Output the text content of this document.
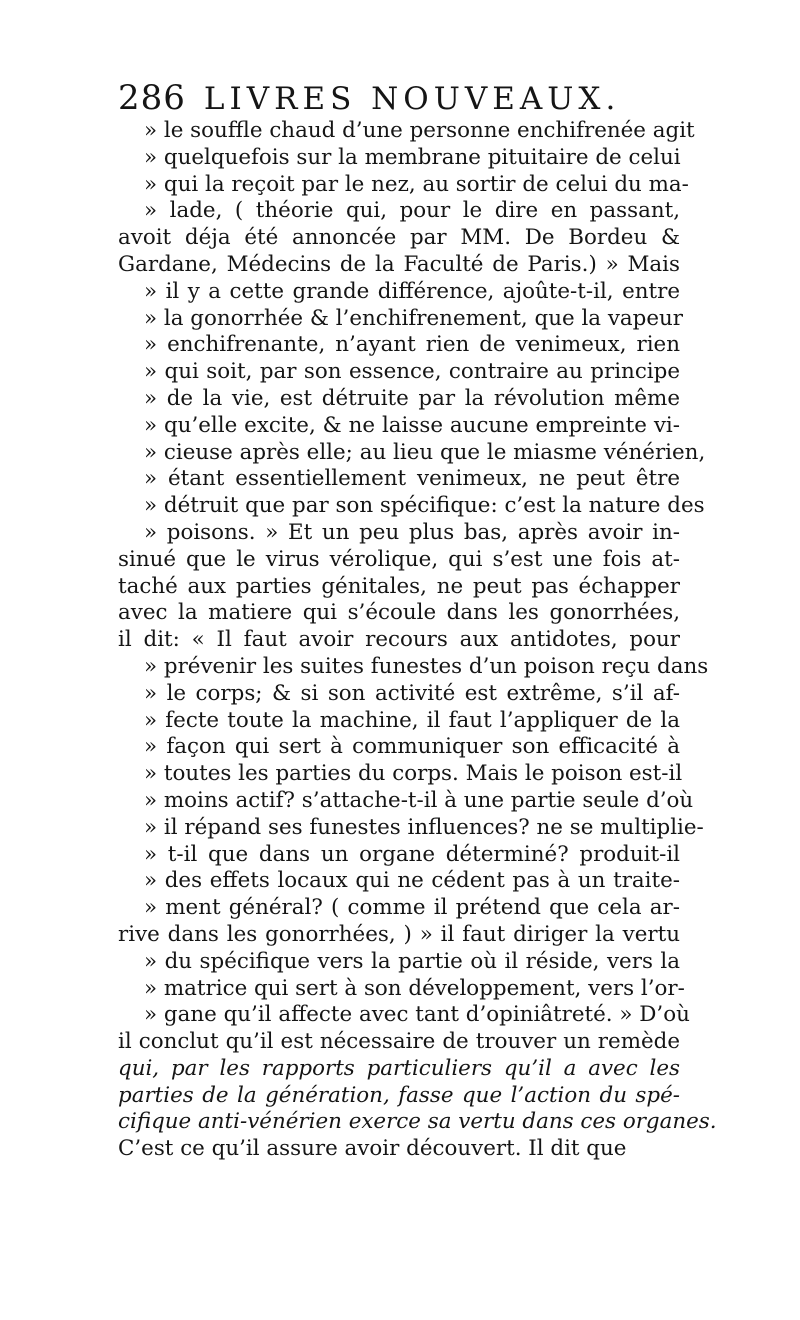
286 LIVRES NOUVEAUX.
» le souffle chaud d’une personne enchifrenée agit
» quelquefois sur la membrane pituitaire de celui
» qui la reçoit par le nez, au sortir de celui du ma-
» lade, ( théorie qui, pour le dire en passant,
avoit déja été annoncée par MM. De Bordeu &
Gardane, Médecins de la Faculté de Paris.) » Mais
» il y a cette grande différence, ajoûte-t-il, entre
» la gonorrhée & l’enchifrenement, que la vapeur
» enchifrenante, n’ayant rien de venimeux, rien
» qui soit, par son essence, contraire au principe
» de la vie, est détruite par la révolution même
» qu’elle excite, & ne laisse aucune empreinte vi-
» cieuse après elle; au lieu que le miasme vénérien,
» étant essentiellement venimeux, ne peut être
» détruit que par son spécifique: c’est la nature des
» poisons. » Et un peu plus bas, après avoir in-
sinué que le virus vérolique, qui s’est une fois at-
taché aux parties génitales, ne peut pas échapper
avec la matiere qui s’écoule dans les gonorrhées,
il dit: « Il faut avoir recours aux antidotes, pour
» prévenir les suites funestes d’un poison reçu dans
» le corps; & si son activité est extrême, s’il af-
» fecte toute la machine, il faut l’appliquer de la
» façon qui sert à communiquer son efficacité à
» toutes les parties du corps. Mais le poison est-il
» moins actif? s’attache-t-il à une partie seule d’où
» il répand ses funestes influences? ne se multiplie-
» t-il que dans un organe déterminé? produit-il
» des effets locaux qui ne cédent pas à un traite-
» ment général? ( comme il prétend que cela ar-
rive dans les gonorrhées, ) » il faut diriger la vertu
» du spécifique vers la partie où il réside, vers la
» matrice qui sert à son développement, vers l’or-
» gane qu’il affecte avec tant d’opiniâtreté. » D’où
il conclut qu’il est nécessaire de trouver un remède
qui, par les rapports particuliers qu’il a avec les
parties de la génération, fasse que l’action du spé-
cifique anti-vénérien exerce sa vertu dans ces organes.
C’est ce qu’il assure avoir découvert. Il dit que
